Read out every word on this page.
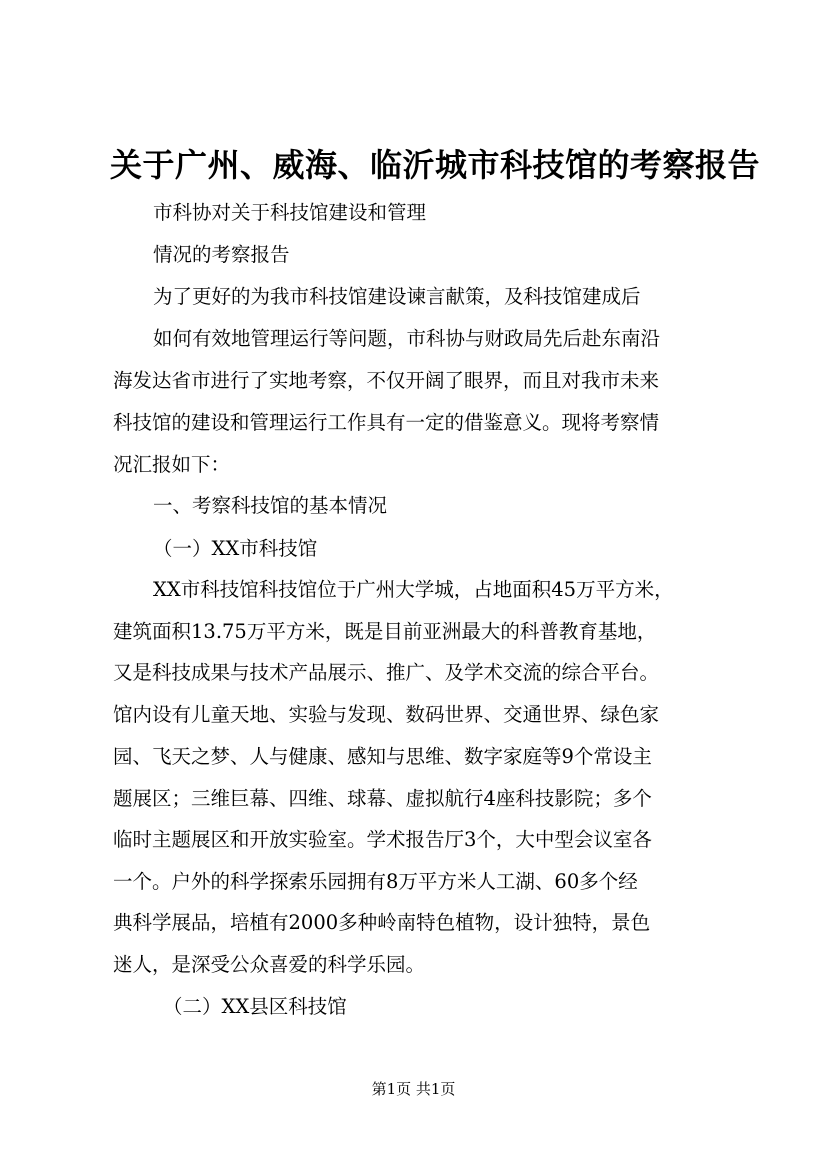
关于广州、威海、临沂城市科技馆的考察报告
市科协对关于科技馆建设和管理
情况的考察报告
为了更好的为我市科技馆建设谏言献策，及科技馆建成后
如何有效地管理运行等问题，市科协与财政局先后赴东南沿
海发达省市进行了实地考察，不仅开阔了眼界，而且对我市未来
科技馆的建设和管理运行工作具有一定的借鉴意义。现将考察情
况汇报如下：
一、考察科技馆的基本情况
（一）XX市科技馆
XX市科技馆科技馆位于广州大学城，占地面积45万平方米，
建筑面积13.75万平方米，既是目前亚洲最大的科普教育基地，
又是科技成果与技术产品展示、推广、及学术交流的综合平台。
馆内设有儿童天地、实验与发现、数码世界、交通世界、绿色家
园、飞天之梦、人与健康、感知与思维、数字家庭等9个常设主
题展区；三维巨幕、四维、球幕、虚拟航行4座科技影院；多个
临时主题展区和开放实验室。学术报告厅3个，大中型会议室各
一个。户外的科学探索乐园拥有8万平方米人工湖、60多个经
典科学展品，培植有2000多种岭南特色植物，设计独特，景色
迷人，是深受公众喜爱的科学乐园。
（二）XX县区科技馆
第1页 共1页
